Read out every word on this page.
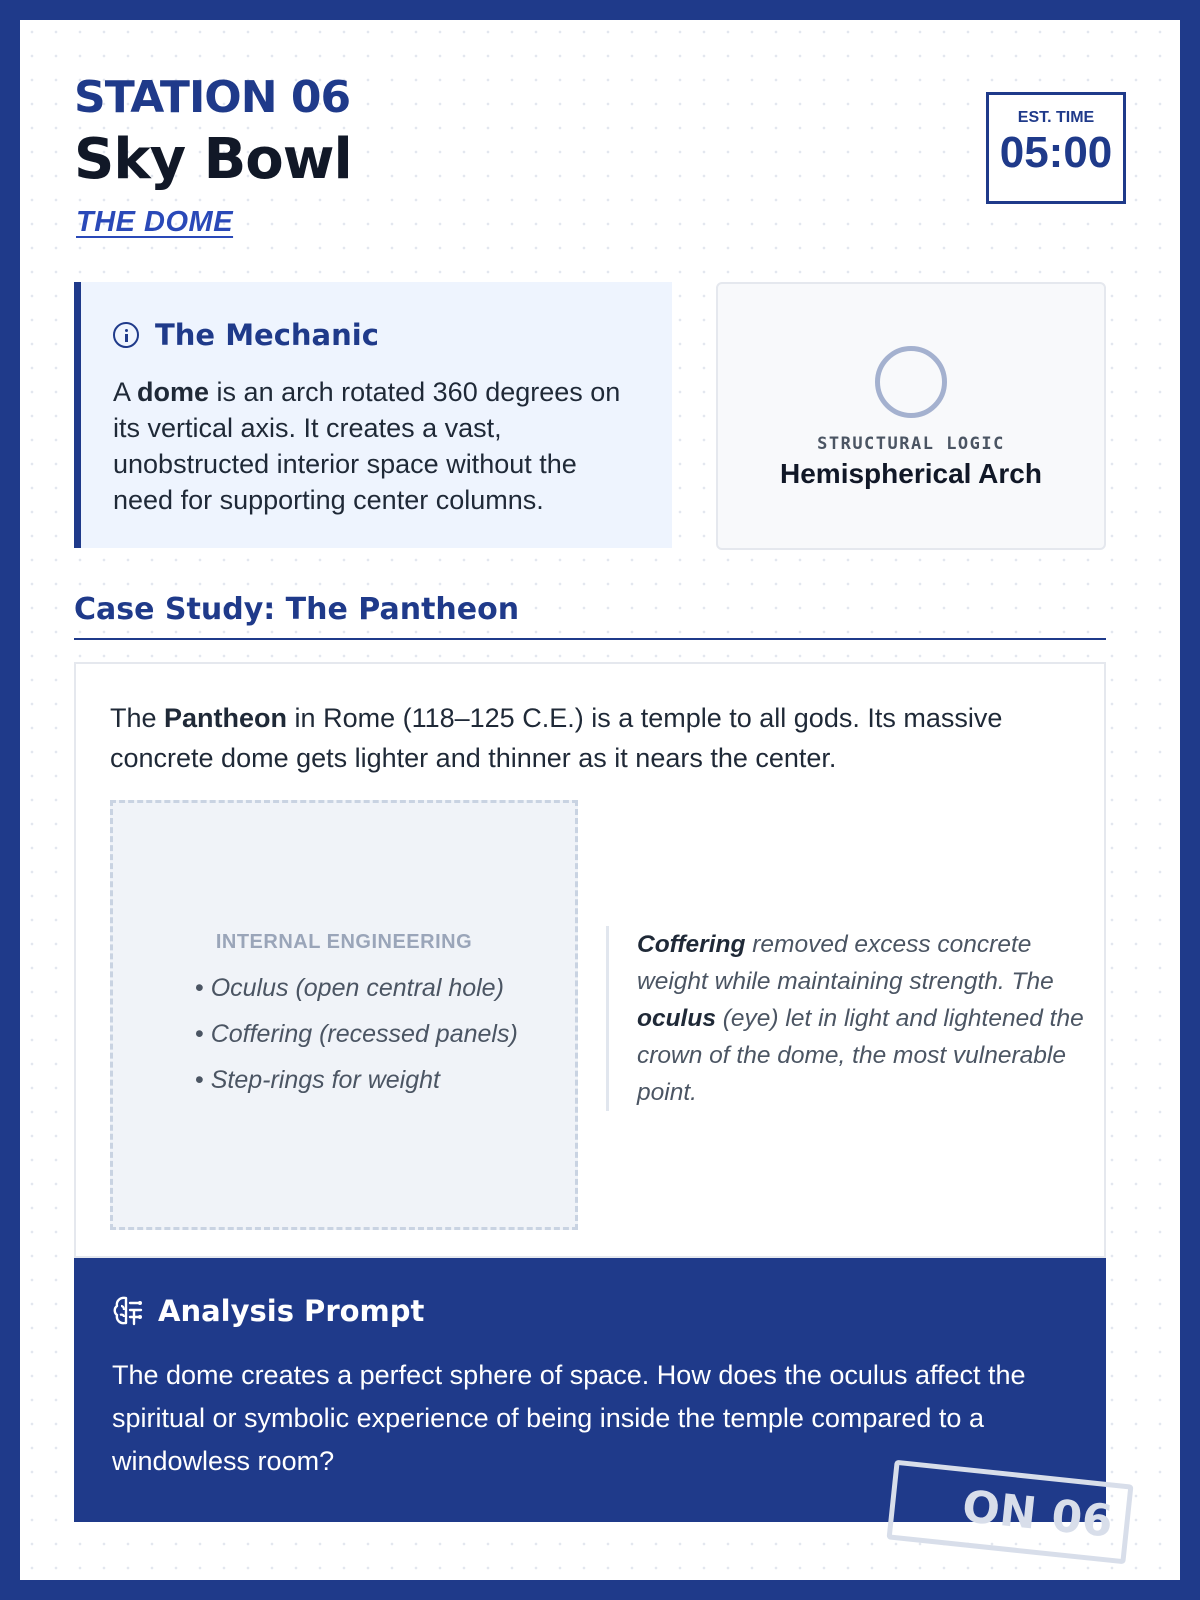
STATION 06
Sky Bowl
THE DOME
EST. TIME
05:00
The Mechanic

A dome is an arch rotated 360 degrees on its vertical axis. It creates a vast, unobstructed interior space without the need for supporting center columns.

STRUCTURAL LOGIC
Hemispherical Arch
Case Study: The Pantheon

The Pantheon in Rome (118–125 C.E.) is a temple to all gods. Its massive concrete dome gets lighter and thinner as it nears the center.

INTERNAL ENGINEERING
• Oculus (open central hole)
• Coffering (recessed panels)
• Step-rings for weight

Coffering removed excess concrete weight while maintaining strength. The oculus (eye) let in light and lightened the crown of the dome, the most vulnerable point.

Analysis Prompt

The dome creates a perfect sphere of space. How does the oculus affect the spiritual or symbolic experience of being inside the temple compared to a windowless room?

ON 06
